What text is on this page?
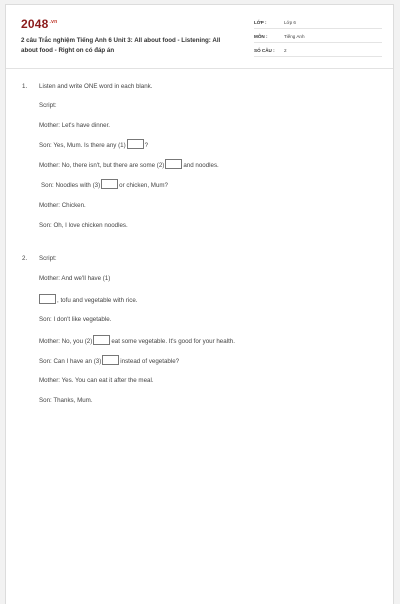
$2048^{.vn}$
2 câu Trắc nghiệm Tiếng Anh 6 Unit 3: All about food - Listening: All about food - Right on có đáp án
LỚP :	Lớp 6
MÔN :	Tiếng Anh
SỐ CÂU : 2
1. Listen and write ONE word in each blank.
Script:
Mother: Let's have dinner.
Son: Yes, Mum. Is there any (1)	?
Mother: No, there isn't, but there are some (2)	and noodles.
Son: Noodles with (3)	or chicken, Mum?
Mother: Chicken.
Son: Oh, I love chicken noodles.
2. Script:
Mother: And we'll have (1)
, tofu and vegetable with rice.
Son: I don't like vegetable.
Mother: No, you (2)	eat some vegetable. It's good for your health.
Son: Can I have an (3)	instead of vegetable?
Mother: Yes. You can eat it after the meal.
Son: Thanks, Mum.
